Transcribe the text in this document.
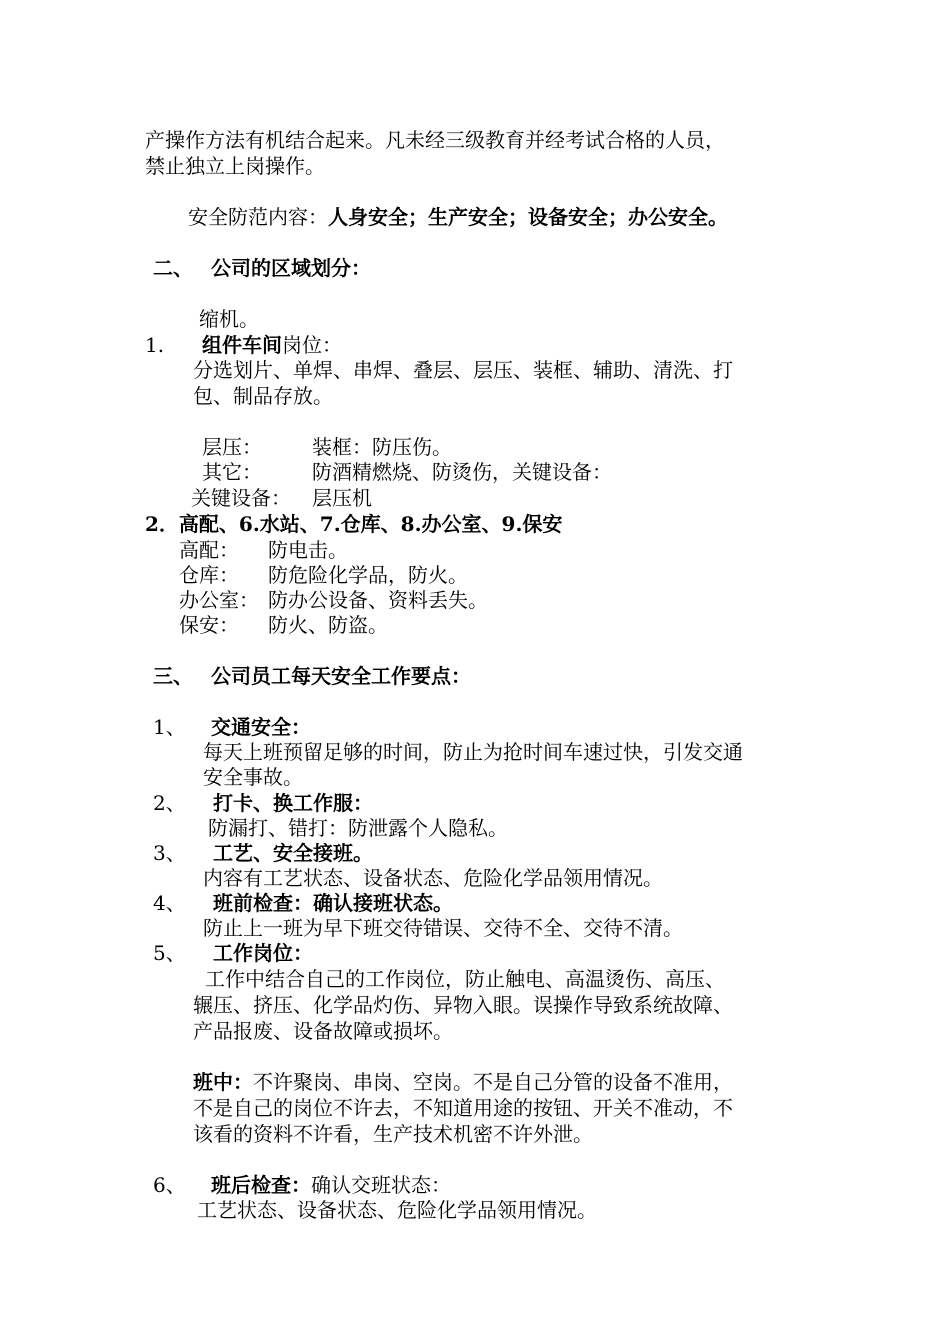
产操作方法有机结合起来。凡未经三级教育并经考试合格的人员，
禁止独立上岗操作。
安全防范内容：人身安全；生产安全；设备安全；办公安全。
二、 公司的区域划分：
缩机。
1. 组件车间岗位：
分选划片、单焊、串焊、叠层、层压、装框、辅助、清洗、打
包、制品存放。
层压：	装框：防压伤。
其它：	防酒精燃烧、防烫伤，关键设备：
关键设备： 层压机
2．高配、6.水站、7.仓库、8.办公室、9.保安
高配： 防电击。
仓库： 防危险化学品，防火。
办公室： 防办公设备、资料丢失。
保安： 防火、防盗。
三、 公司员工每天安全工作要点：
1、 交通安全：
每天上班预留足够的时间，防止为抢时间车速过快，引发交通
安全事故。
2、 打卡、换工作服：
防漏打、错打：防泄露个人隐私。
3、 工艺、安全接班。
内容有工艺状态、设备状态、危险化学品领用情况。
4、 班前检查：确认接班状态。
防止上一班为早下班交待错误、交待不全、交待不清。
5、 工作岗位：
工作中结合自己的工作岗位，防止触电、高温烫伤、高压、
辗压、挤压、化学品灼伤、异物入眼。误操作导致系统故障、
产品报废、设备故障或损坏。
班中：不许聚岗、串岗、空岗。不是自己分管的设备不准用，
不是自己的岗位不许去，不知道用途的按钮、开关不准动，不
该看的资料不许看，生产技术机密不许外泄。
6、 班后检查：确认交班状态：
工艺状态、设备状态、危险化学品领用情况。
